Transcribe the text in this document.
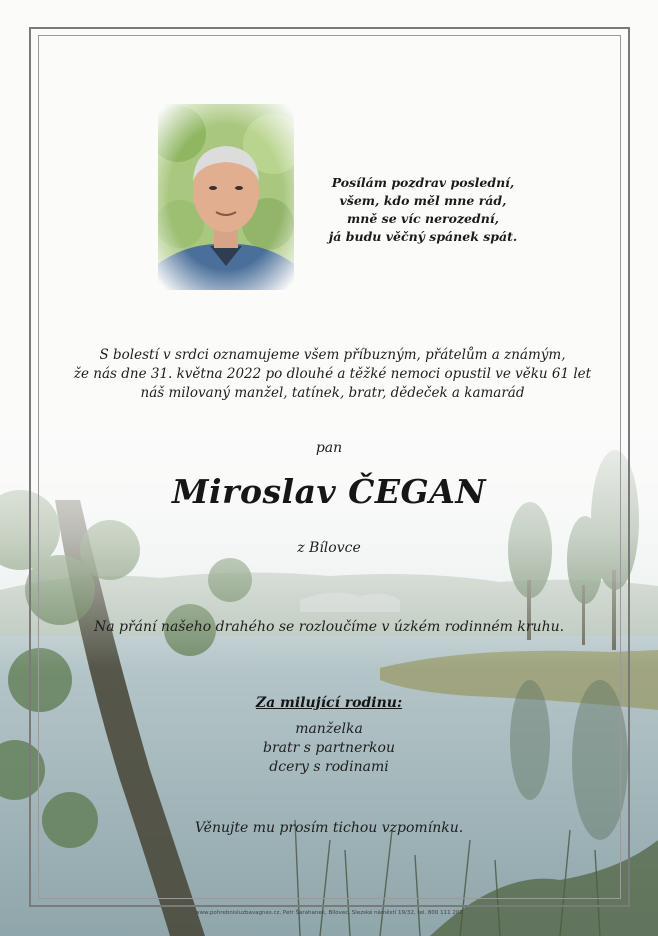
Posílám pozdrav poslední,
všem, kdo měl mne rád,
mně se víc nerozední,
já budu věčný spánek spát.
S bolestí v srdci oznamujeme všem příbuzným, přátelům a známým,
že nás dne 31. května 2022 po dlouhé a těžké nemoci opustil ve věku 61 let
náš milovaný manžel, tatínek, bratr, dědeček a kamarád
pan
Miroslav ČEGAN
z Bílovce
Na přání našeho drahého se rozloučíme v úzkém rodinném kruhu.
Za milující rodinu:
manželka
bratr s partnerkou
dcery s rodinami
Věnujte mu prosím tichou vzpomínku.
www.pohrebnisluzbavagnes.cz, Petr Šarahanek, Bílovec, Slezské náměstí 19/32, tel. 800 111 202
